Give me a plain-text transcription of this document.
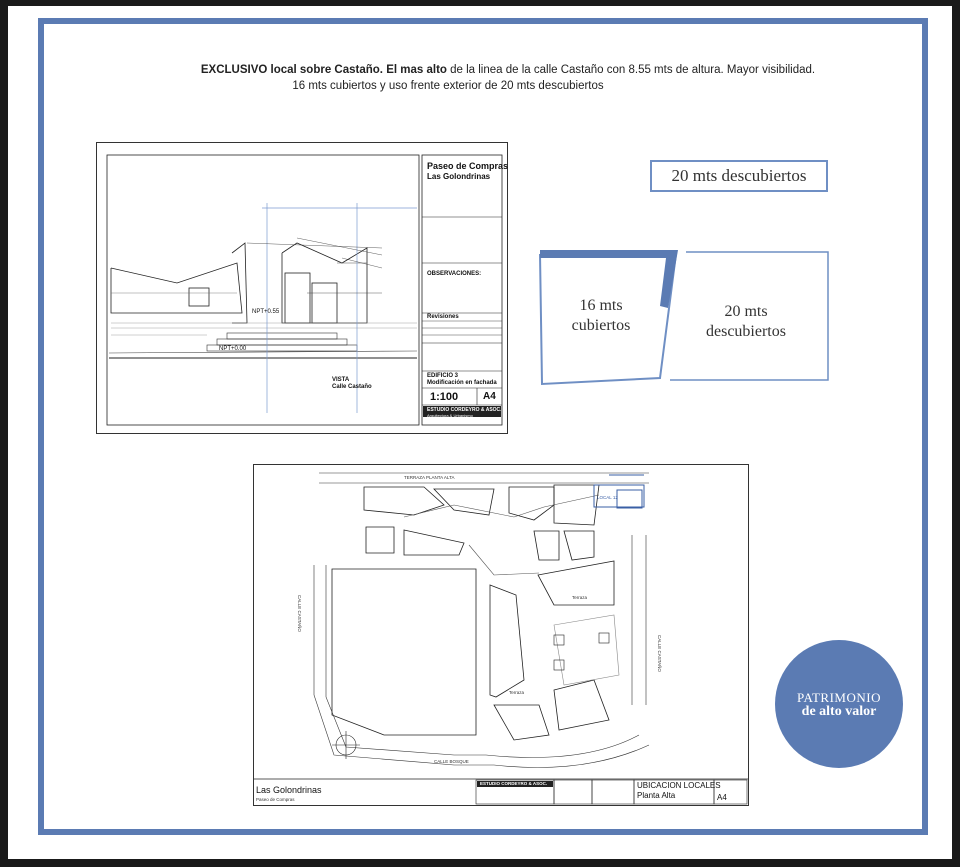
EXCLUSIVO local sobre Castaño. El mas alto de la linea de la calle Castaño con 8.55 mts de altura. Mayor visibilidad.
16 mts cubiertos y uso frente exterior de 20 mts descubiertos
Paseo de Compras
Las Golondrinas
OBSERVACIONES:
Revisiones
EDIFICIO 3
Modificación en fachada
1:100 A4
ESTUDIO CORDEYRO & ASOC.
Arquitectura & Urbanismo
VISTA
Calle Castaño
NPT+0.55
NPT+0.00
20 mts descubiertos
16 mts cubiertos
20 mts descubiertos
TERRAZA PLANTA ALTA
Terraza
Terraza
LOCAL 12
CALLE CASTAÑO
CALLE BOSQUE
CALLE CASTAÑO
Las Golondrinas
Paseo de Compras
ESTUDIO CORDEYRO & ASOC.	UBICACION LOCALES
Planta Alta	A4
PATRIMONIO
de alto valor
